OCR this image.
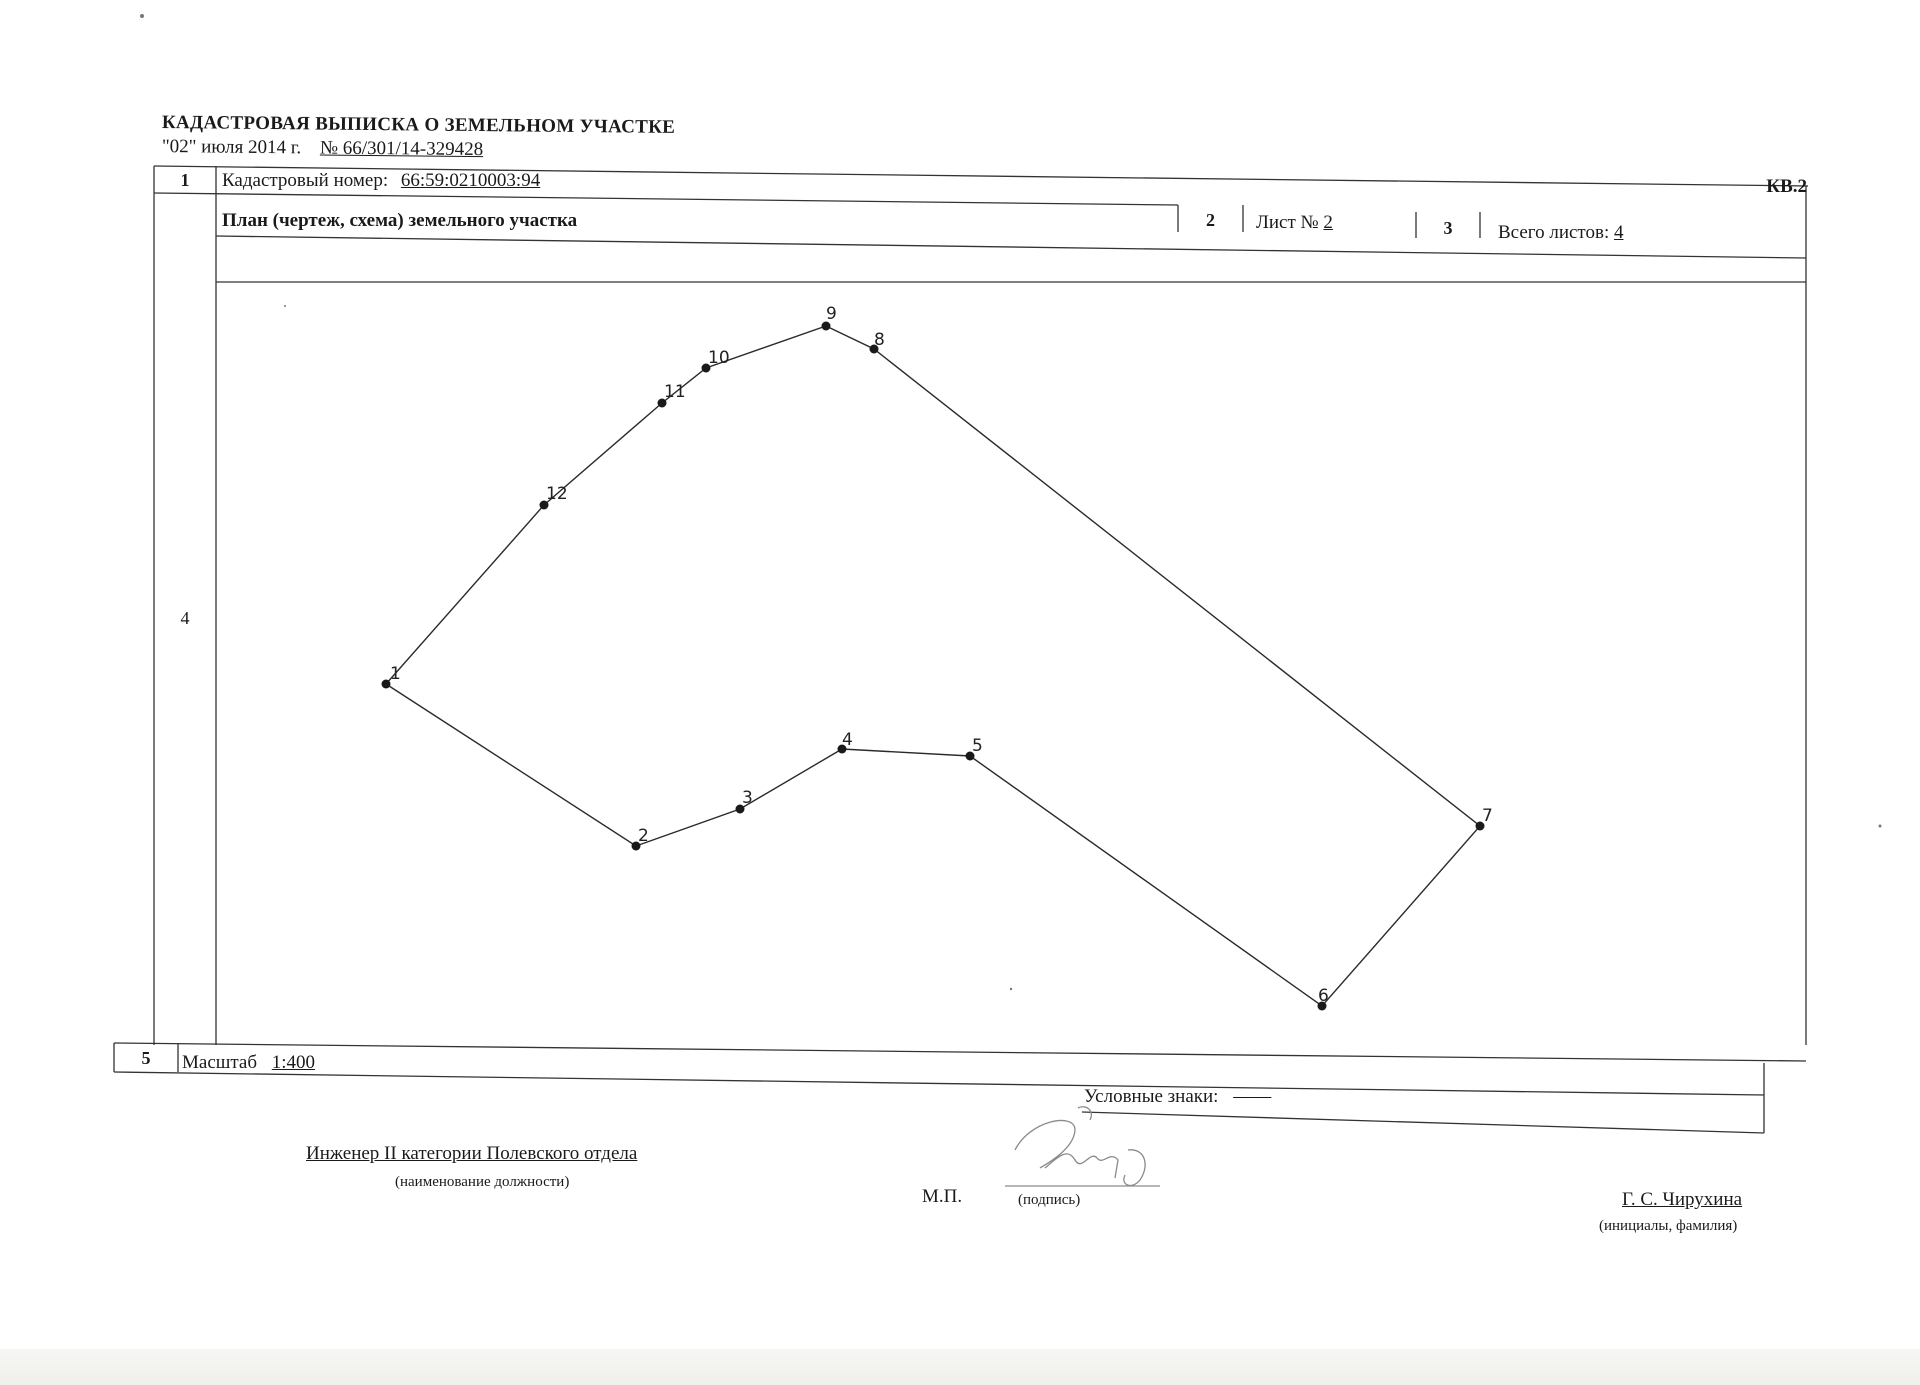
КАДАСТРОВАЯ ВЫПИСКА О ЗЕМЕЛЬНОМ УЧАСТКЕ
"02" июля 2014 г. № 66/301/14-329428
КВ.2
1	Кадастровый номер: 66:59:0210003:94
План (чертеж, схема) земельного участка	2	Лист № 2	3	Всего листов: 4
4
1
2
3
4	5
6
7
8
9
10
11
12
5	Масштаб 1:400
Условные знаки: ——
Инженер II категории Полевского отдела
(наименование должности)
М.П.	(подпись)	Г. С. Чирухина
(инициалы, фамилия)
